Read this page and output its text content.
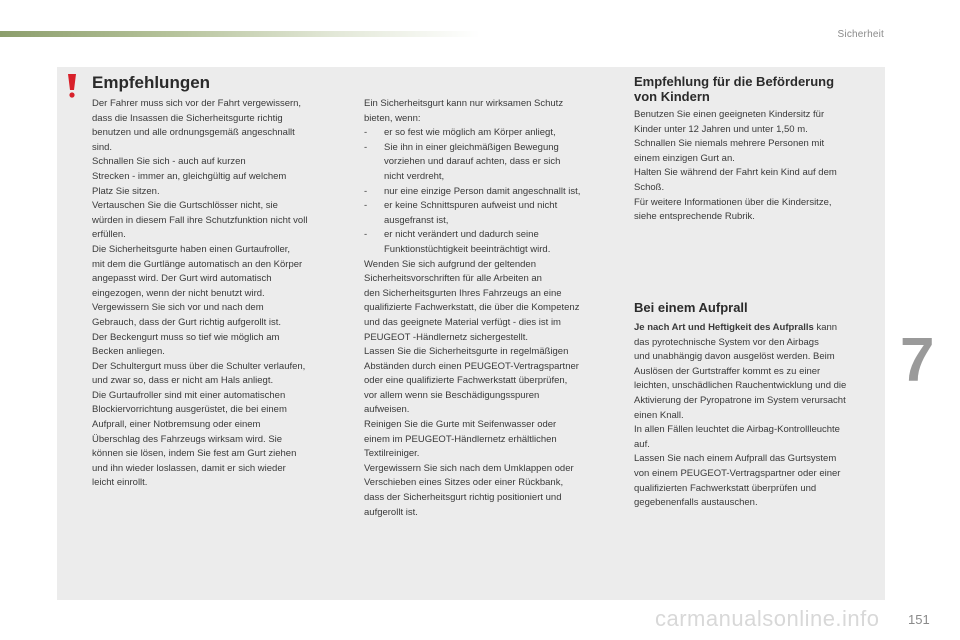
Sicherheit
Empfehlungen
Der Fahrer muss sich vor der Fahrt vergewissern,
dass die Insassen die Sicherheitsgurte richtig
benutzen und alle ordnungsgemäß angeschnallt
sind.
Schnallen Sie sich - auch auf kurzen
Strecken - immer an, gleichgültig auf welchem
Platz Sie sitzen.
Vertauschen Sie die Gurtschlösser nicht, sie
würden in diesem Fall ihre Schutzfunktion nicht voll
erfüllen.
Die Sicherheitsgurte haben einen Gurtaufroller,
mit dem die Gurtlänge automatisch an den Körper
angepasst wird. Der Gurt wird automatisch
eingezogen, wenn der nicht benutzt wird.
Vergewissern Sie sich vor und nach dem
Gebrauch, dass der Gurt richtig aufgerollt ist.
Der Beckengurt muss so tief wie möglich am
Becken anliegen.
Der Schultergurt muss über die Schulter verlaufen,
und zwar so, dass er nicht am Hals anliegt.
Die Gurtaufroller sind mit einer automatischen
Blockiervorrichtung ausgerüstet, die bei einem
Aufprall, einer Notbremsung oder einem
Überschlag des Fahrzeugs wirksam wird. Sie
können sie lösen, indem Sie fest am Gurt ziehen
und ihn wieder loslassen, damit er sich wieder
leicht einrollt.
Ein Sicherheitsgurt kann nur wirksamen Schutz
bieten, wenn:
- er so fest wie möglich am Körper anliegt,
- Sie ihn in einer gleichmäßigen Bewegung
vorziehen und darauf achten, dass er sich
nicht verdreht,
- nur eine einzige Person damit angeschnallt ist,
- er keine Schnittspuren aufweist und nicht
ausgefranst ist,
- er nicht verändert und dadurch seine
Funktionstüchtigkeit beeinträchtigt wird.
Wenden Sie sich aufgrund der geltenden
Sicherheitsvorschriften für alle Arbeiten an
den Sicherheitsgurten Ihres Fahrzeugs an eine
qualifizierte Fachwerkstatt, die über die Kompetenz
und das geeignete Material verfügt - dies ist im
PEUGEOT -Händlernetz sichergestellt.
Lassen Sie die Sicherheitsgurte in regelmäßigen
Abständen durch einen PEUGEOT-Vertragspartner
oder eine qualifizierte Fachwerkstatt überprüfen,
vor allem wenn sie Beschädigungsspuren
aufweisen.
Reinigen Sie die Gurte mit Seifenwasser oder
einem im PEUGEOT-Händlernetz erhältlichen
Textilreiniger.
Vergewissern Sie sich nach dem Umklappen oder
Verschieben eines Sitzes oder einer Rückbank,
dass der Sicherheitsgurt richtig positioniert und
aufgerollt ist.
Empfehlung für die Beförderung
von Kindern
Benutzen Sie einen geeigneten Kindersitz für
Kinder unter 12 Jahren und unter 1,50 m.
Schnallen Sie niemals mehrere Personen mit
einem einzigen Gurt an.
Halten Sie während der Fahrt kein Kind auf dem
Schoß.
Für weitere Informationen über die Kindersitze,
siehe entsprechende Rubrik.
Bei einem Aufprall
Je nach Art und Heftigkeit des Aufpralls kann
das pyrotechnische System vor den Airbags
und unabhängig davon ausgelöst werden. Beim
Auslösen der Gurtstraffer kommt es zu einer
leichten, unschädlichen Rauchentwicklung und die
Aktivierung der Pyropatrone im System verursacht
einen Knall.
In allen Fällen leuchtet die Airbag-Kontrollleuchte
auf.
Lassen Sie nach einem Aufprall das Gurtsystem
von einem PEUGEOT-Vertragspartner oder einer
qualifizierten Fachwerkstatt überprüfen und
gegebenenfalls austauschen.
7
carmanualsonline.info 151
